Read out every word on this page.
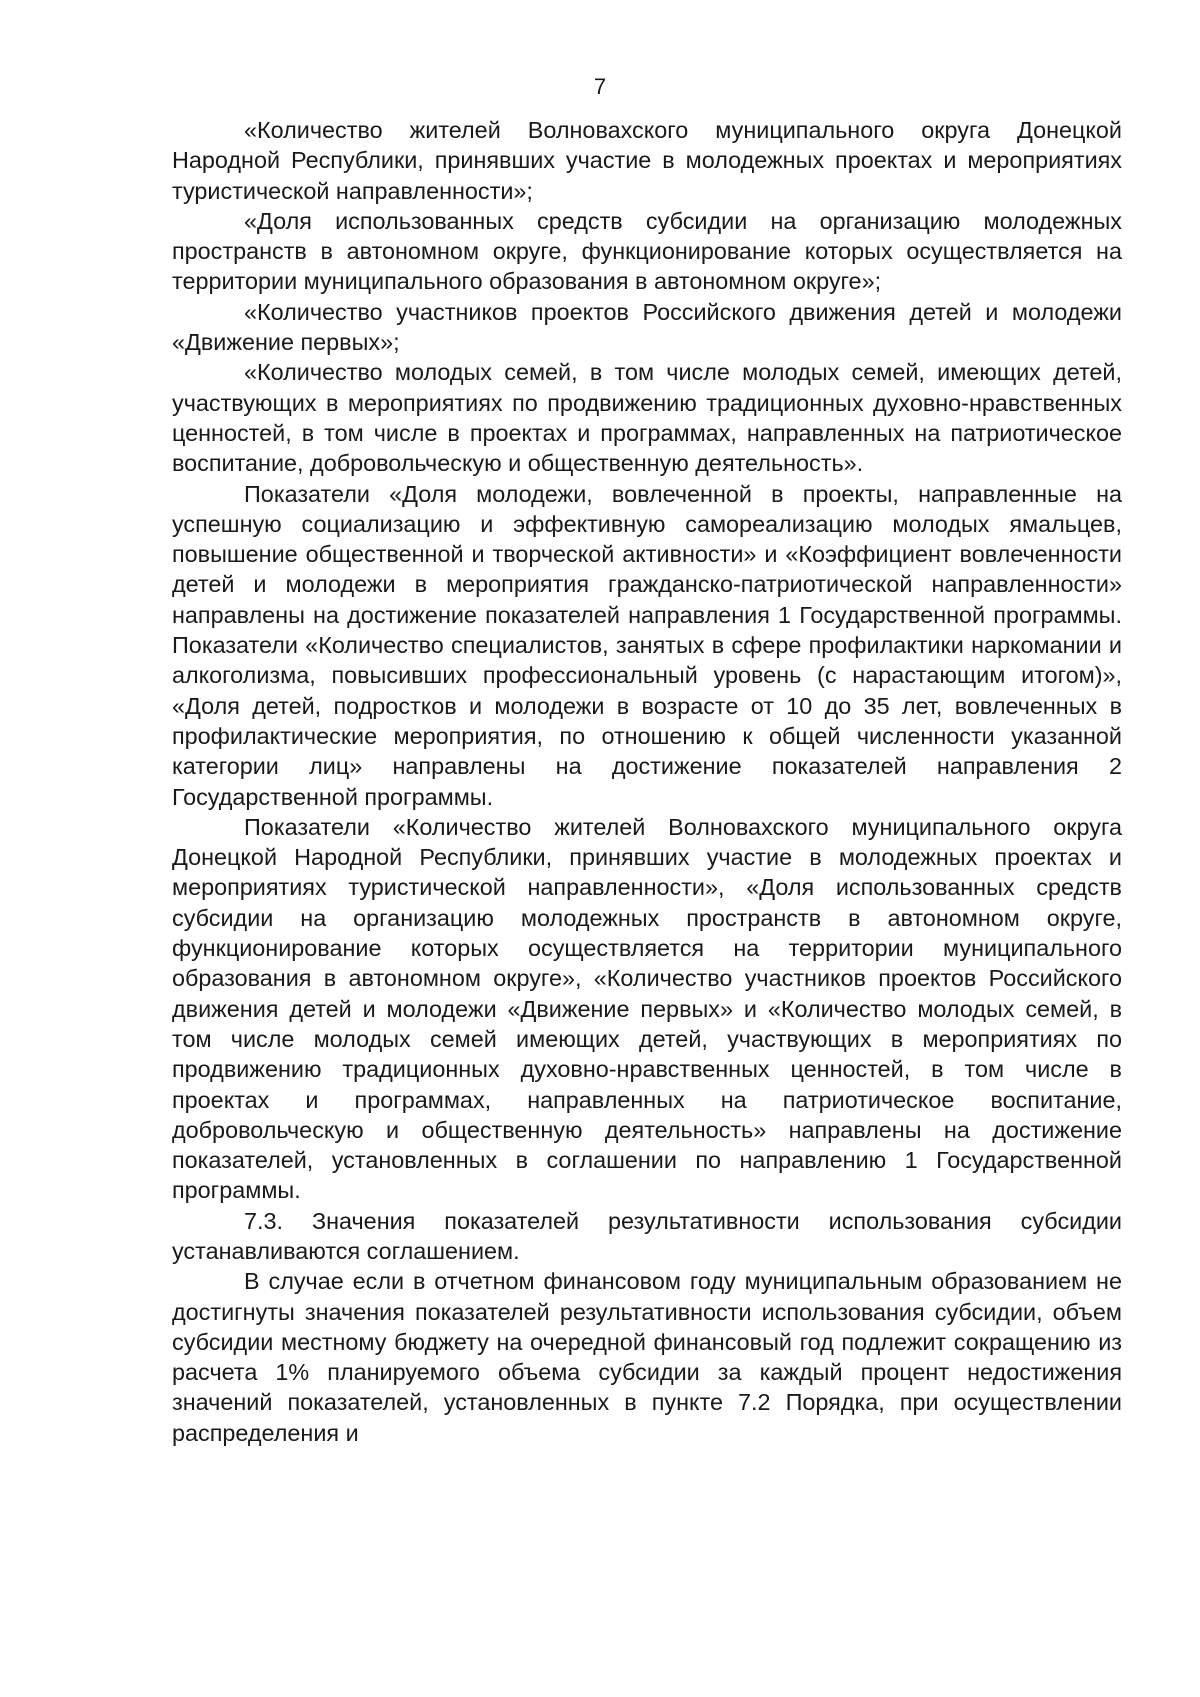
7

«Количество жителей Волновахского муниципального округа Донецкой Народной Республики, принявших участие в молодежных проектах и мероприятиях туристической направленности»;

«Доля использованных средств субсидии на организацию молодежных пространств в автономном округе, функционирование которых осуществляется на территории муниципального образования в автономном округе»;

«Количество участников проектов Российского движения детей и молодежи «Движение первых»;

«Количество молодых семей, в том числе молодых семей, имеющих детей, участвующих в мероприятиях по продвижению традиционных духовно-нравственных ценностей, в том числе в проектах и программах, направленных на патриотическое воспитание, добровольческую и общественную деятельность».

Показатели «Доля молодежи, вовлеченной в проекты, направленные на успешную социализацию и эффективную самореализацию молодых ямальцев, повышение общественной и творческой активности» и «Коэффициент вовлеченности детей и молодежи в мероприятия гражданско-патриотической направленности» направлены на достижение показателей направления 1 Государственной программы. Показатели «Количество специалистов, занятых в сфере профилактики наркомании и алкоголизма, повысивших профессиональный уровень (с нарастающим итогом)», «Доля детей, подростков и молодежи в возрасте от 10 до 35 лет, вовлеченных в профилактические мероприятия, по отношению к общей численности указанной категории лиц» направлены на достижение показателей направления 2 Государственной программы.

Показатели «Количество жителей Волновахского муниципального округа Донецкой Народной Республики, принявших участие в молодежных проектах и мероприятиях туристической направленности», «Доля использованных средств субсидии на организацию молодежных пространств в автономном округе, функционирование которых осуществляется на территории муниципального образования в автономном округе», «Количество участников проектов Российского движения детей и молодежи «Движение первых» и «Количество молодых семей, в том числе молодых семей имеющих детей, участвующих в мероприятиях по продвижению традиционных духовно-нравственных ценностей, в том числе в проектах и программах, направленных на патриотическое воспитание, добровольческую и общественную деятельность» направлены на достижение показателей, установленных в соглашении по направлению 1 Государственной программы.

7.3. Значения показателей результативности использования субсидии устанавливаются соглашением.

В случае если в отчетном финансовом году муниципальным образованием не достигнуты значения показателей результативности использования субсидии, объем субсидии местному бюджету на очередной финансовый год подлежит сокращению из расчета 1% планируемого объема субсидии за каждый процент недостижения значений показателей, установленных в пункте 7.2 Порядка, при осуществлении распределения и
